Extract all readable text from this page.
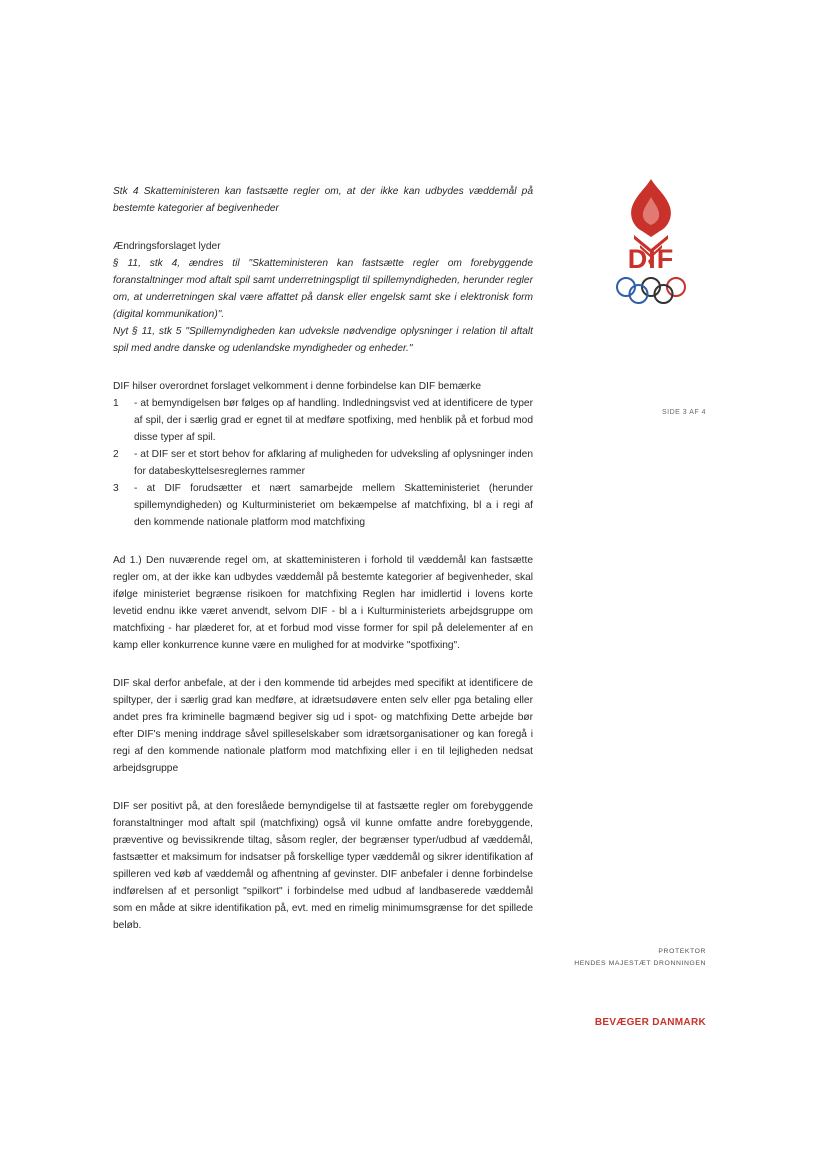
Stk 4 Skatteministeren kan fastsætte regler om, at der ikke kan udbydes væddemål på bestemte kategorier af begivenheder

Ændringsforslaget lyder

§ 11, stk 4, ændres til "Skatteministeren kan fastsætte regler om forebyggende foranstaltninger mod aftalt spil samt underretningspligt til spillemyndigheden, herunder regler om, at underretningen skal være affattet på dansk eller engelsk samt ske i elektronisk form (digital kommunikation)".

Nyt § 11, stk 5 "Spillemyndigheden kan udveksle nødvendige oplysninger i relation til aftalt spil med andre danske og udenlandske myndigheder og enheder."

DIF hilser overordnet forslaget velkomment i denne forbindelse kan DIF bemærke

1 - at bemyndigelsen bør følges op af handling. Indledningsvist ved at identificere de typer af spil, der i særlig grad er egnet til at medføre spotfixing, med henblik på et forbud mod disse typer af spil.
2 - at DIF ser et stort behov for afklaring af muligheden for udveksling af oplysninger inden for databeskyttelsesreglernes rammer
3 - at DIF forudsætter et nært samarbejde mellem Skatteministeriet (herunder spillemyndigheden) og Kulturministeriet om bekæmpelse af matchfixing, bl a i regi af den kommende nationale platform mod matchfixing

Ad 1.) Den nuværende regel om, at skatteministeren i forhold til væddemål kan fastsætte regler om, at der ikke kan udbydes væddemål på bestemte kategorier af begivenheder, skal ifølge ministeriet begrænse risikoen for matchfixing Reglen har imidlertid i lovens korte levetid endnu ikke været anvendt, selvom DIF - bl a i Kulturministeriets arbejdsgruppe om matchfixing - har plæderet for, at et forbud mod visse former for spil på delelementer af en kamp eller konkurrence kunne være en mulighed for at modvirke "spotfixing".

DIF skal derfor anbefale, at der i den kommende tid arbejdes med specifikt at identificere de spiltyper, der i særlig grad kan medføre, at idrætsudøvere enten selv eller pga betaling eller andet pres fra kriminelle bagmænd begiver sig ud i spot- og matchfixing Dette arbejde bør efter DIF's mening inddrage såvel spilleselskaber som idrætsorganisationer og kan foregå i regi af den kommende nationale platform mod matchfixing eller i en til lejligheden nedsat arbejdsgruppe

DIF ser positivt på, at den foreslåede bemyndigelse til at fastsætte regler om forebyggende foranstaltninger mod aftalt spil (matchfixing) også vil kunne omfatte andre forebyggende, præventive og bevissikrende tiltag, såsom regler, der begrænser typer/udbud af væddemål, fastsætter et maksimum for indsatser på forskellige typer væddemål og sikrer identifikation af spilleren ved køb af væddemål og afhentning af gevinster. DIF anbefaler i denne forbindelse indførelsen af et personligt "spilkort" i forbindelse med udbud af landbaserede væddemål som en måde at sikre identifikation på, evt. med en rimelig minimumsgrænse for det spillede beløb.

DIF
SIDE 3 AF 4
PROTEKTOR
HENDES MAJESTÆT DRONNINGEN
BEVÆGER DANMARK
